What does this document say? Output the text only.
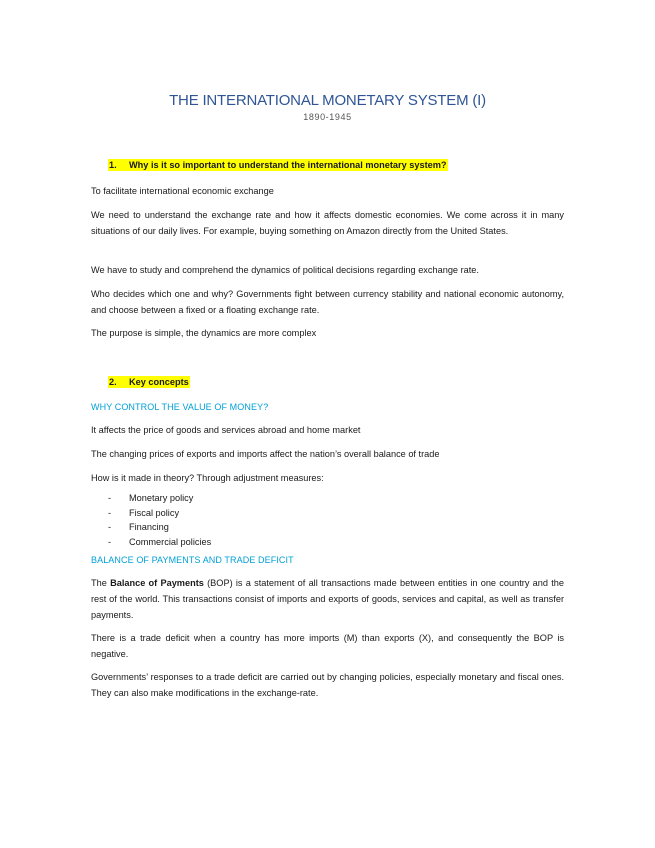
THE INTERNATIONAL MONETARY SYSTEM (I)
1890-1945
1. Why is it so important to understand the international monetary system?
To facilitate international economic exchange
We need to understand the exchange rate and how it affects domestic economies. We come across it in many situations of our daily lives. For example, buying something on Amazon directly from the United States.
We have to study and comprehend the dynamics of political decisions regarding exchange rate.
Who decides which one and why? Governments fight between currency stability and national economic autonomy, and choose between a fixed or a floating exchange rate.
The purpose is simple, the dynamics are more complex
2. Key concepts
WHY CONTROL THE VALUE OF MONEY?
It affects the price of goods and services abroad and home market
The changing prices of exports and imports affect the nation’s overall balance of trade
How is it made in theory? Through adjustment measures:
- Monetary policy
- Fiscal policy
- Financing
- Commercial policies
BALANCE OF PAYMENTS AND TRADE DEFICIT
The Balance of Payments (BOP) is a statement of all transactions made between entities in one country and the rest of the world. This transactions consist of imports and exports of goods, services and capital, as well as transfer payments.
There is a trade deficit when a country has more imports (M) than exports (X), and consequently the BOP is negative.
Governments’ responses to a trade deficit are carried out by changing policies, especially monetary and fiscal ones. They can also make modifications in the exchange-rate.
